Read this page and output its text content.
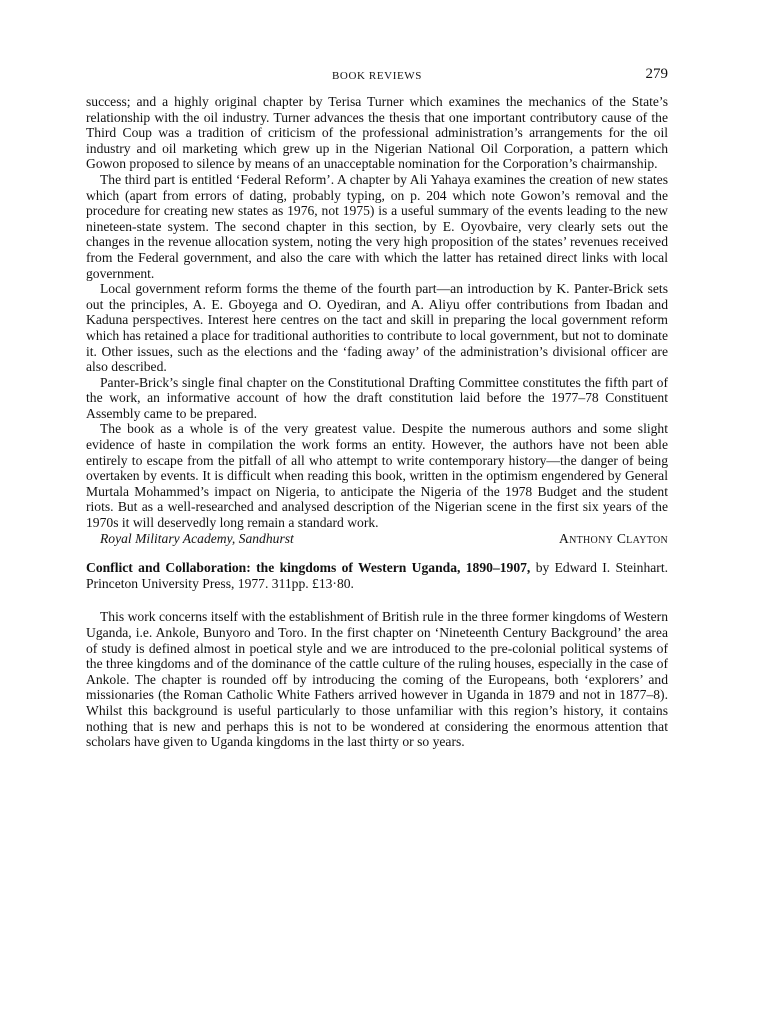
BOOK REVIEWS	279

success; and a highly original chapter by Terisa Turner which examines the mechanics of the State’s relationship with the oil industry. Turner advances the thesis that one important contributory cause of the Third Coup was a tradition of criticism of the professional administration’s arrangements for the oil industry and oil marketing which grew up in the Nigerian National Oil Corporation, a pattern which Gowon proposed to silence by means of an unacceptable nomination for the Corporation’s chairmanship.

The third part is entitled ‘Federal Reform’. A chapter by Ali Yahaya examines the creation of new states which (apart from errors of dating, probably typing, on p. 204 which note Gowon’s removal and the procedure for creating new states as 1976, not 1975) is a useful summary of the events leading to the new nineteen-state system. The second chapter in this section, by E. Oyovbaire, very clearly sets out the changes in the revenue allocation system, noting the very high proposition of the states’ revenues received from the Federal government, and also the care with which the latter has retained direct links with local government.

Local government reform forms the theme of the fourth part—an introduction by K. Panter-Brick sets out the principles, A. E. Gboyega and O. Oyediran, and A. Aliyu offer contributions from Ibadan and Kaduna perspectives. Interest here centres on the tact and skill in preparing the local government reform which has retained a place for traditional authorities to contribute to local government, but not to dominate it. Other issues, such as the elections and the ‘fading away’ of the administration’s divisional officer are also described.

Panter-Brick’s single final chapter on the Constitutional Drafting Committee constitutes the fifth part of the work, an informative account of how the draft constitution laid before the 1977–78 Constituent Assembly came to be prepared.

The book as a whole is of the very greatest value. Despite the numerous authors and some slight evidence of haste in compilation the work forms an entity. However, the authors have not been able entirely to escape from the pitfall of all who attempt to write contemporary history—the danger of being overtaken by events. It is difficult when reading this book, written in the optimism engendered by General Murtala Mohammed’s impact on Nigeria, to anticipate the Nigeria of the 1978 Budget and the student riots. But as a well-researched and analysed description of the Nigerian scene in the first six years of the 1970s it will deservedly long remain a standard work.

Royal Military Academy, Sandhurst	Anthony Clayton
Conflict and Collaboration: the kingdoms of Western Uganda, 1890–1907, by Edward I. Steinhart. Princeton University Press, 1977. 311pp. £13·80.

This work concerns itself with the establishment of British rule in the three former kingdoms of Western Uganda, i.e. Ankole, Bunyoro and Toro. In the first chapter on ‘Nineteenth Century Background’ the area of study is defined almost in poetical style and we are introduced to the pre-colonial political systems of the three kingdoms and of the dominance of the cattle culture of the ruling houses, especially in the case of Ankole. The chapter is rounded off by introducing the coming of the Europeans, both ‘explorers’ and missionaries (the Roman Catholic White Fathers arrived however in Uganda in 1879 and not in 1877–8). Whilst this background is useful particularly to those unfamiliar with this region’s history, it contains nothing that is new and perhaps this is not to be wondered at considering the enormous attention that scholars have given to Uganda kingdoms in the last thirty or so years.
